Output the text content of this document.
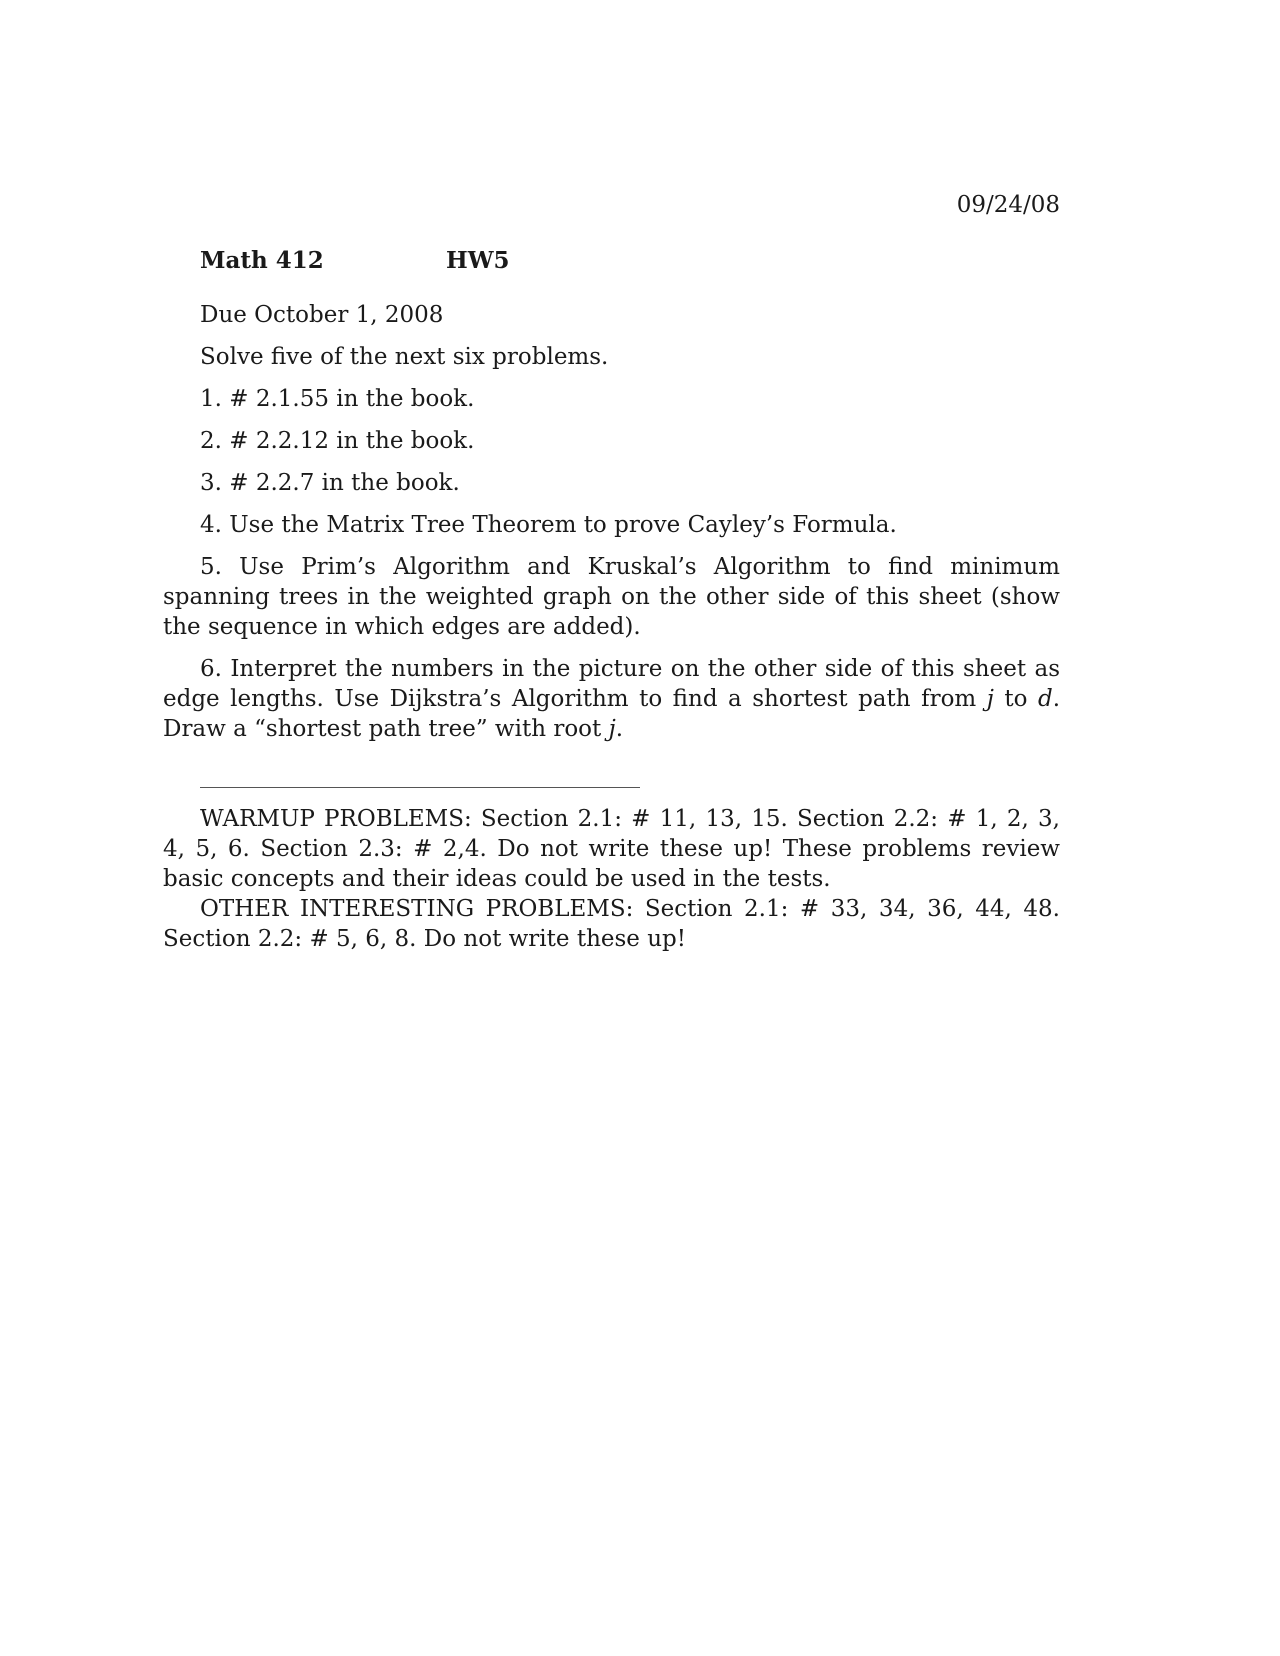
09/24/08
Math 412	HW5
Due October 1, 2008
Solve five of the next six problems.
1. # 2.1.55 in the book.
2. # 2.2.12 in the book.
3. # 2.2.7 in the book.
4. Use the Matrix Tree Theorem to prove Cayley’s Formula.
5. Use Prim’s Algorithm and Kruskal’s Algorithm to find minimum spanning trees in the weighted graph on the other side of this sheet (show the sequence in which edges are added).
6. Interpret the numbers in the picture on the other side of this sheet as edge lengths. Use Dijkstra’s Algorithm to find a shortest path from j to d. Draw a “shortest path tree” with root j.
WARMUP PROBLEMS: Section 2.1: # 11, 13, 15. Section 2.2: # 1, 2, 3, 4, 5, 6. Section 2.3: # 2,4. Do not write these up! These problems review basic concepts and their ideas could be used in the tests.
OTHER INTERESTING PROBLEMS: Section 2.1: # 33, 34, 36, 44, 48. Section 2.2: # 5, 6, 8. Do not write these up!
